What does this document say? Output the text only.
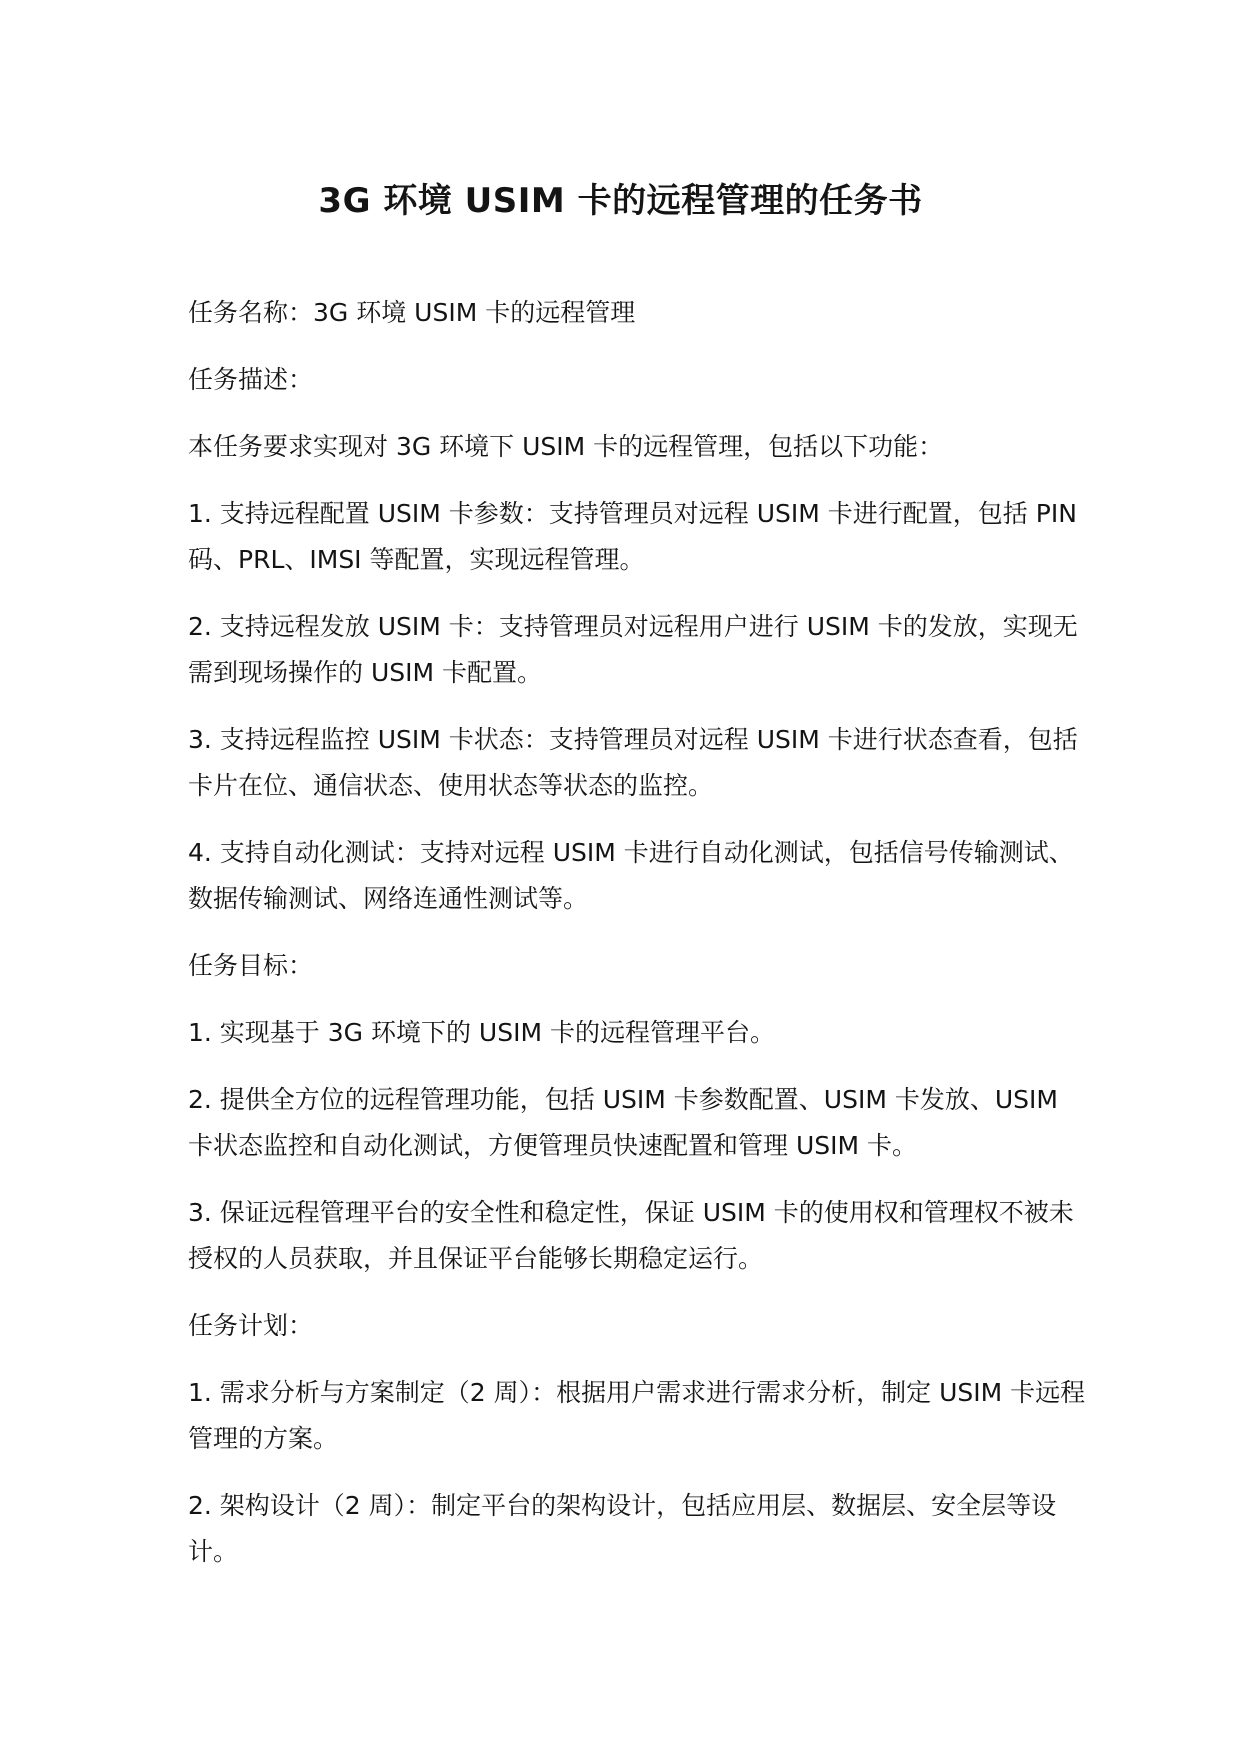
3G 环境 USIM 卡的远程管理的任务书

任务名称：3G 环境 USIM 卡的远程管理

任务描述：

本任务要求实现对 3G 环境下 USIM 卡的远程管理，包括以下功能：

1. 支持远程配置 USIM 卡参数：支持管理员对远程 USIM 卡进行配置，包括 PIN 码、PRL、IMSI 等配置，实现远程管理。

2. 支持远程发放 USIM 卡：支持管理员对远程用户进行 USIM 卡的发放，实现无需到现场操作的 USIM 卡配置。

3. 支持远程监控 USIM 卡状态：支持管理员对远程 USIM 卡进行状态查看，包括卡片在位、通信状态、使用状态等状态的监控。

4. 支持自动化测试：支持对远程 USIM 卡进行自动化测试，包括信号传输测试、数据传输测试、网络连通性测试等。

任务目标：

1. 实现基于 3G 环境下的 USIM 卡的远程管理平台。

2. 提供全方位的远程管理功能，包括 USIM 卡参数配置、USIM 卡发放、USIM 卡状态监控和自动化测试，方便管理员快速配置和管理 USIM 卡。

3. 保证远程管理平台的安全性和稳定性，保证 USIM 卡的使用权和管理权不被未授权的人员获取，并且保证平台能够长期稳定运行。

任务计划：

1. 需求分析与方案制定（2 周）：根据用户需求进行需求分析，制定 USIM 卡远程管理的方案。

2. 架构设计（2 周）：制定平台的架构设计，包括应用层、数据层、安全层等设计。
